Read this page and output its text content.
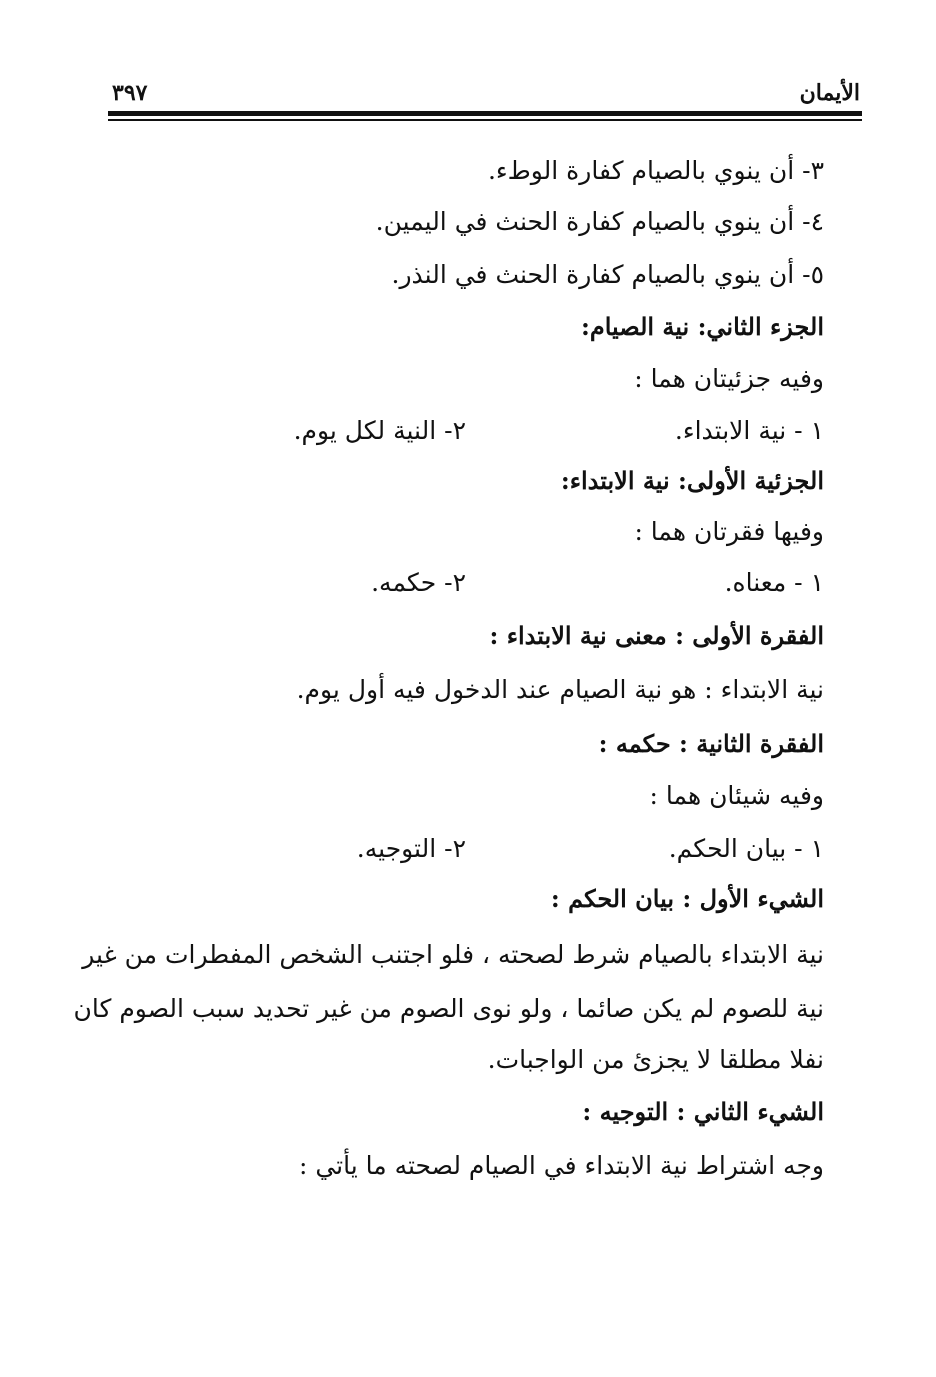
الأيمان
٣٩٧
٣- أن ينوي بالصيام كفارة الوطء.
٤- أن ينوي بالصيام كفارة الحنث في اليمين.
٥- أن ينوي بالصيام كفارة الحنث في النذر.
الجزء الثاني: نية الصيام:
وفيه جزئيتان هما :
١ - نية الابتداء.
٢- النية لكل يوم.
الجزئية الأولى: نية الابتداء:
وفيها فقرتان هما :
١ - معناه.
٢- حكمه.
الفقرة الأولى : معنى نية الابتداء :
نية الابتداء : هو نية الصيام عند الدخول فيه أول يوم.
الفقرة الثانية : حكمه :
وفيه شيئان هما :
١ - بيان الحكم.
٢- التوجيه.
الشيء الأول : بيان الحكم :
نية الابتداء بالصيام شرط لصحته ، فلو اجتنب الشخص المفطرات من غير
نية للصوم لم يكن صائما ، ولو نوى الصوم من غير تحديد سبب الصوم كان
نفلا مطلقا لا يجزئ من الواجبات.
الشيء الثاني : التوجيه :
وجه اشتراط نية الابتداء في الصيام لصحته ما يأتي :
